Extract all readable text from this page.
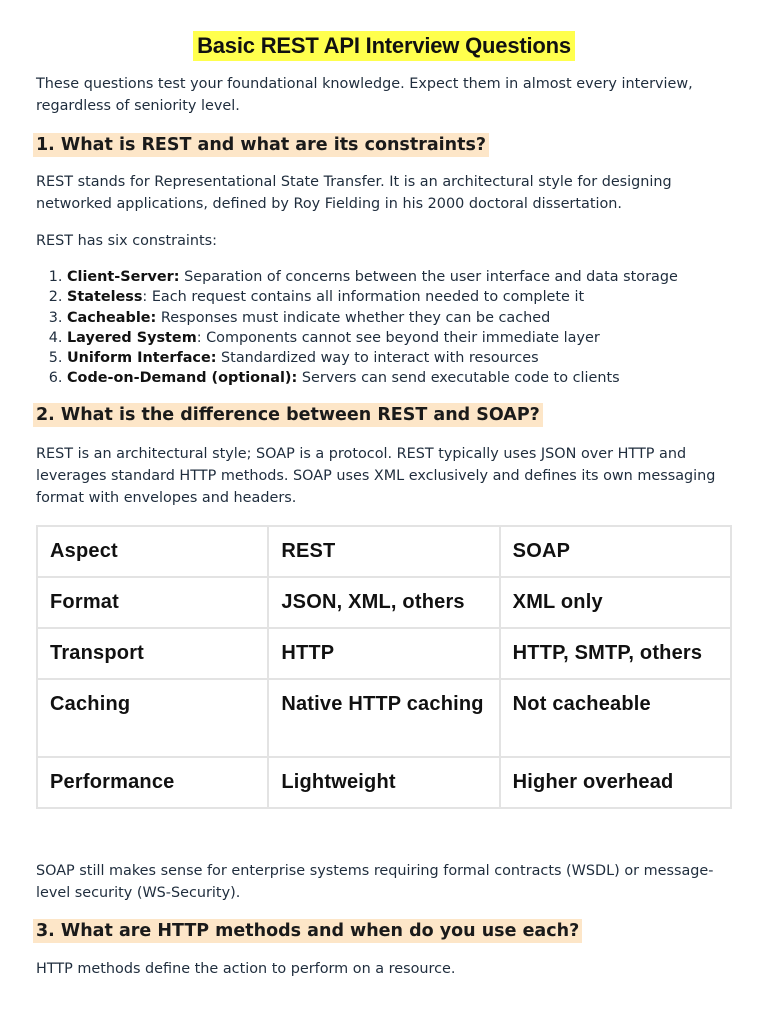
Basic REST API Interview Questions

These questions test your foundational knowledge. Expect them in almost every interview, regardless of seniority level.

1. What is REST and what are its constraints?

REST stands for Representational State Transfer. It is an architectural style for designing networked applications, defined by Roy Fielding in his 2000 doctoral dissertation.

REST has six constraints:

1. Client-Server: Separation of concerns between the user interface and data storage
2. Stateless: Each request contains all information needed to complete it
3. Cacheable: Responses must indicate whether they can be cached
4. Layered System: Components cannot see beyond their immediate layer
5. Uniform Interface: Standardized way to interact with resources
6. Code-on-Demand (optional): Servers can send executable code to clients
2. What is the difference between REST and SOAP?

REST is an architectural style; SOAP is a protocol. REST typically uses JSON over HTTP and leverages standard HTTP methods. SOAP uses XML exclusively and defines its own messaging format with envelopes and headers.

Aspect	REST	SOAP
Format	JSON, XML, others	XML only
Transport	HTTP	HTTP, SMTP, others
Caching	Native HTTP caching	Not cacheable
Performance	Lightweight	Higher overhead

SOAP still makes sense for enterprise systems requiring formal contracts (WSDL) or message-level security (WS-Security).

3. What are HTTP methods and when do you use each?

HTTP methods define the action to perform on a resource.
